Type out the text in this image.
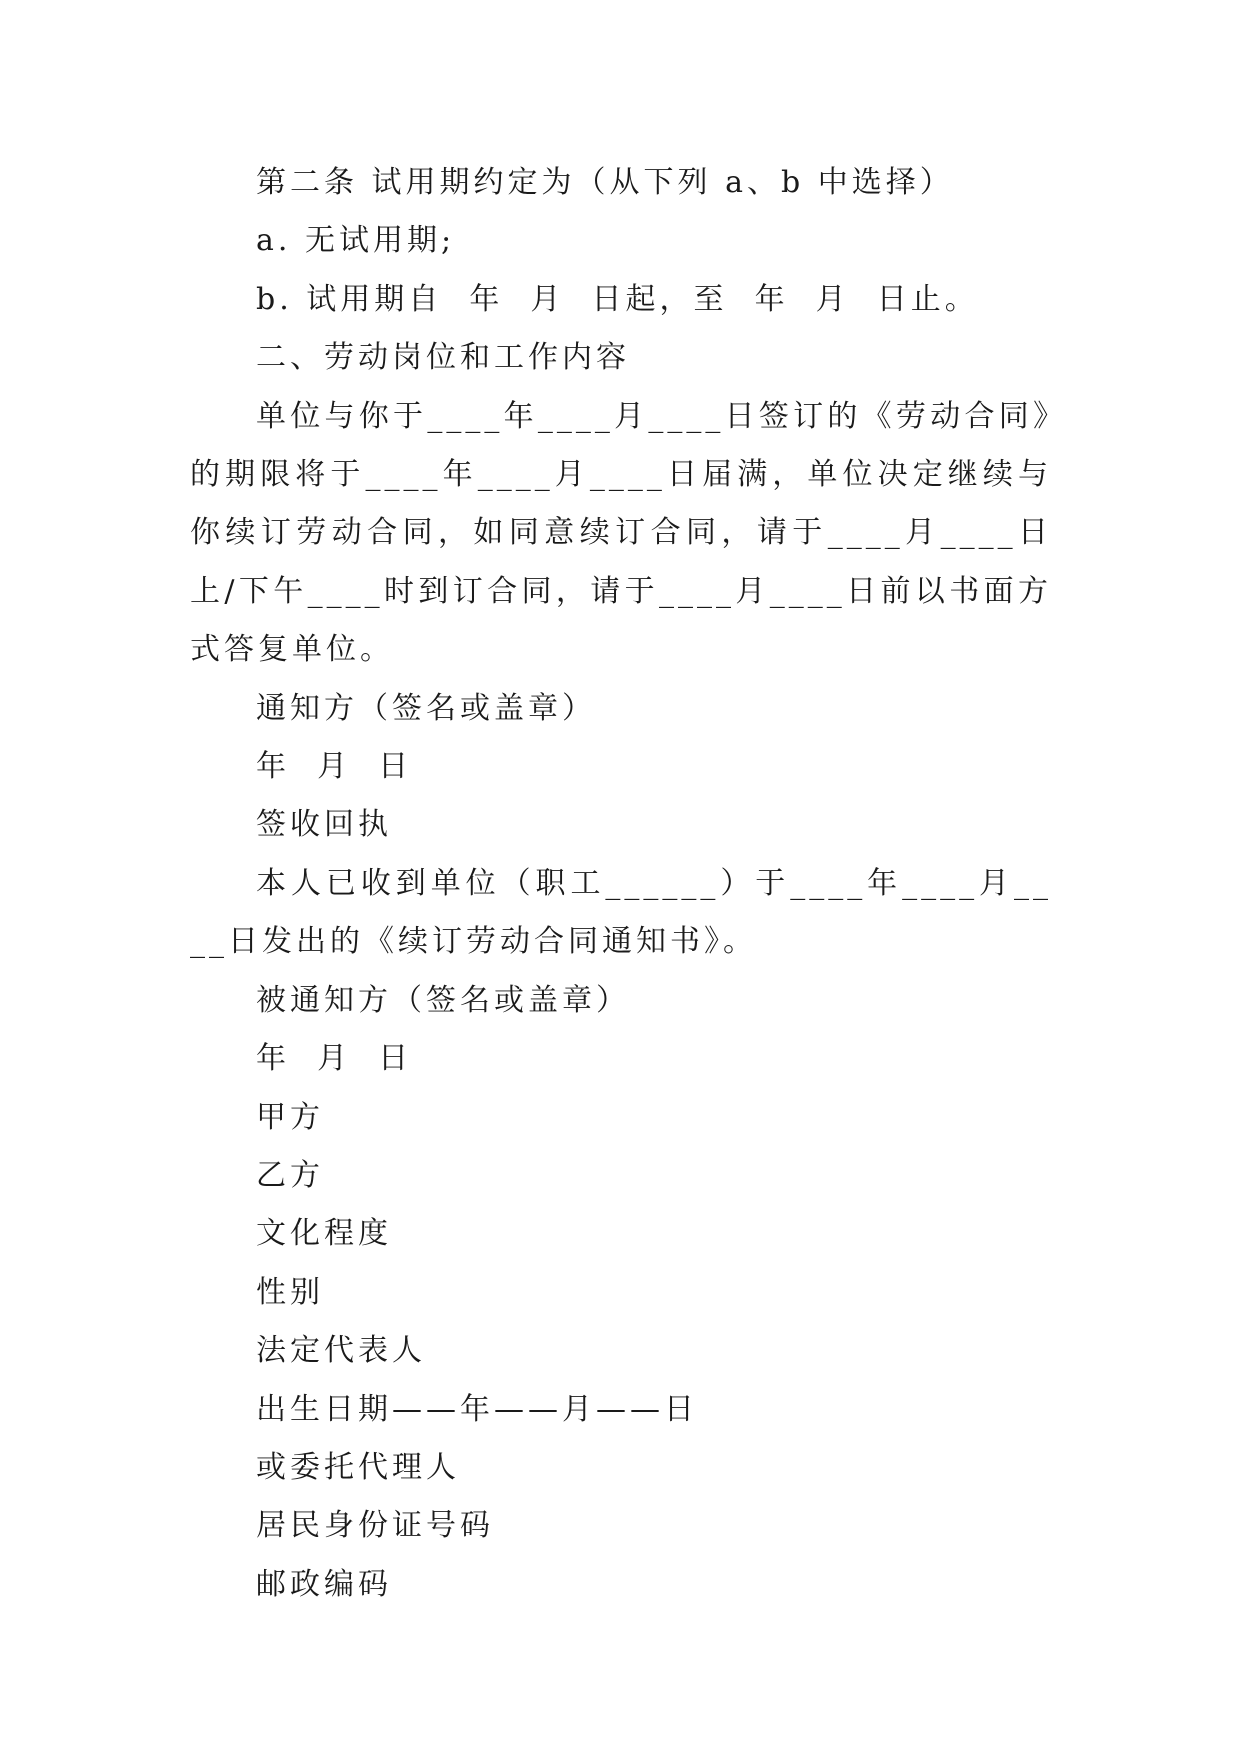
第二条 试用期约定为（从下列 a、b 中选择）

a. 无试用期;

b. 试用期自  年  月  日起，至  年  月  日止。

二、劳动岗位和工作内容

单位与你于____年____月____日签订的《劳动合同》的期限将于____年____月____日届满，单位决定继续与你续订劳动合同，如同意续订合同，请于____月____日上/下午____时到订合同，请于____月____日前以书面方式答复单位。

通知方（签名或盖章）

年  月  日

签收回执

本人已收到单位（职工______）于____年____月____日发出的《续订劳动合同通知书》。

被通知方（签名或盖章）

年  月  日

甲方

乙方

文化程度

性别

法定代表人

出生日期——年——月——日

或委托代理人

居民身份证号码

邮政编码
